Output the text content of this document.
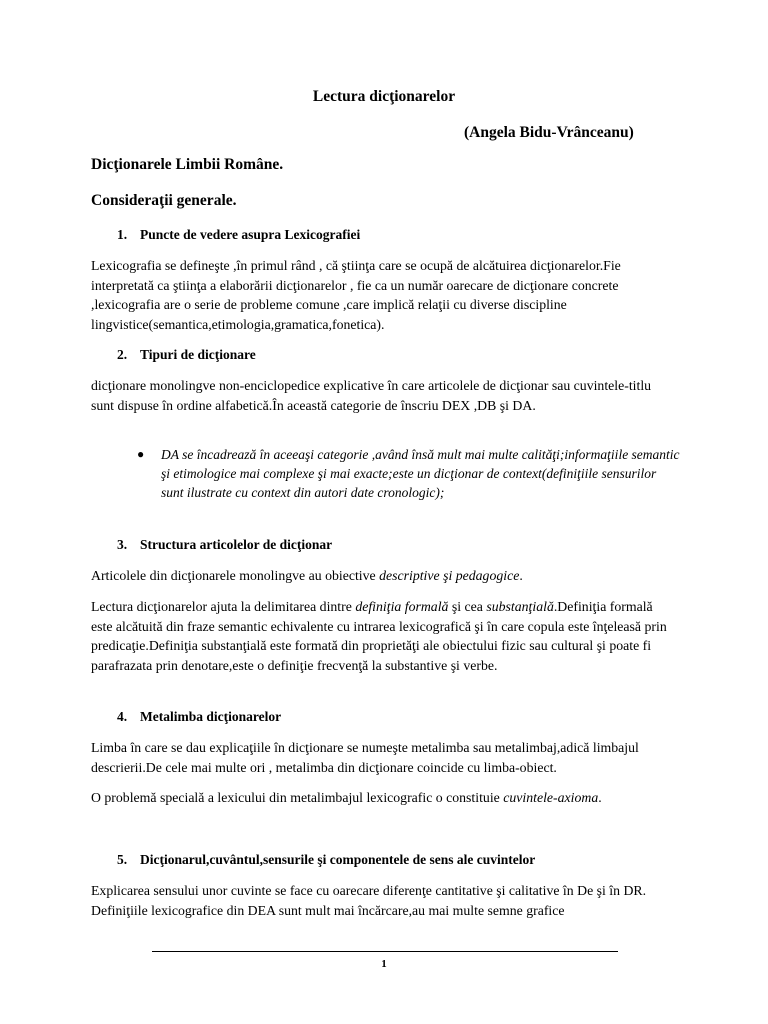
Lectura dicţionarelor
(Angela Bidu-Vrânceanu)
Dicţionarele Limbii Române.
Consideraţii generale.
1. Puncte de vedere asupra Lexicografiei
Lexicografia se defineşte ,în primul rând , că ştiinţa care se ocupă de alcătuirea dicţionarelor.Fie interpretată ca ştiinţa a elaborării dicţionarelor , fie ca un număr oarecare de dicţionare concrete ,lexicografia are o serie de probleme comune ,care implică relaţii cu diverse discipline lingvistice(semantica,etimologia,gramatica,fonetica).
2. Tipuri de dicţionare
dicţionare monolingve non-enciclopedice explicative în care articolele de dicţionar sau cuvintele-titlu sunt dispuse în ordine alfabetică.În această categorie de înscriu DEX ,DB şi DA.
●	DA se încadrează în aceeaşi categorie ,având însă mult mai multe calităţi;informaţiile semantic şi etimologice mai complexe şi mai exacte;este un dicţionar de context(definiţiile sensurilor sunt ilustrate cu context din autori date cronologic);
3. Structura articolelor de dicţionar
Articolele din dicţionarele monolingve au obiective descriptive şi pedagogice.
Lectura dicţionarelor ajuta la delimitarea dintre definiţia formală şi cea substanţială.Definiţia formală este alcătuită din fraze semantic echivalente cu intrarea lexicografică şi în care copula este înţeleasă prin predicaţie.Definiţia substanţială este formată din proprietăţi ale obiectului fizic sau cultural şi poate fi parafrazata prin denotare,este o definiţie frecvenţă la substantive şi verbe.
4. Metalimba dicţionarelor
Limba în care se dau explicaţiile în dicţionare se numeşte metalimba sau metalimbaj,adică limbajul descrierii.De cele mai multe ori , metalimba din dicţionare coincide cu limba-obiect.
O problemă specială a lexicului din metalimbajul lexicografic o constituie cuvintele-axioma.
5. Dicţionarul,cuvântul,sensurile şi componentele de sens ale cuvintelor
Explicarea sensului unor cuvinte se face cu oarecare diferenţe cantitative şi calitative în De şi în DR. Definiţiile lexicografice din DEA sunt mult mai încărcare,au mai multe semne grafice
1
